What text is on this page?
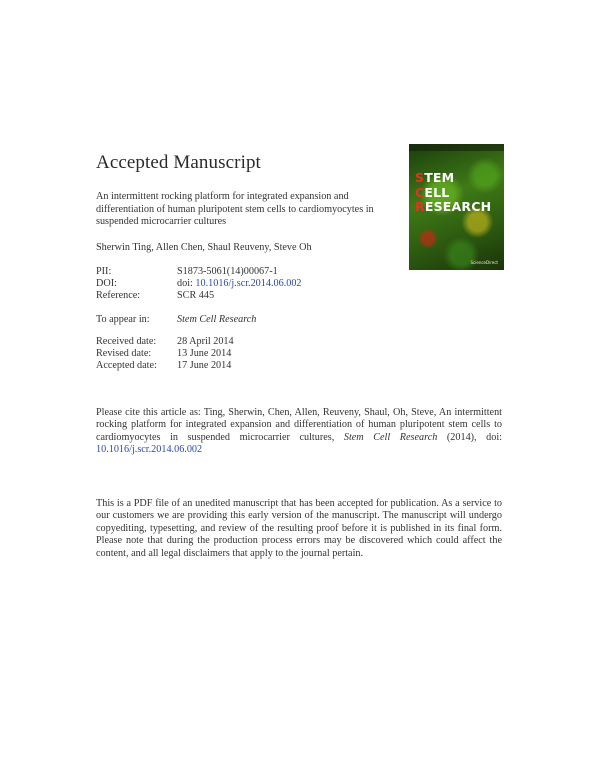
Accepted Manuscript
An intermittent rocking platform for integrated expansion and differentiation of human pluripotent stem cells to cardiomyocytes in suspended microcarrier cultures
Sherwin Ting, Allen Chen, Shaul Reuveny, Steve Oh
PII:	S1873-5061(14)00067-1
DOI:	doi: 10.1016/j.scr.2014.06.002
Reference:	SCR 445
To appear in:	Stem Cell Research
Received date:	28 April 2014
Revised date:	13 June 2014
Accepted date:	17 June 2014
STEM
CELL
RESEARCH
ScienceDirect
Please cite this article as: Ting, Sherwin, Chen, Allen, Reuveny, Shaul, Oh, Steve, An intermittent rocking platform for integrated expansion and differentiation of human pluripotent stem cells to cardiomyocytes in suspended microcarrier cultures, Stem Cell Research (2014), doi: 10.1016/j.scr.2014.06.002
This is a PDF file of an unedited manuscript that has been accepted for publication. As a service to our customers we are providing this early version of the manuscript. The manuscript will undergo copyediting, typesetting, and review of the resulting proof before it is published in its final form. Please note that during the production process errors may be discovered which could affect the content, and all legal disclaimers that apply to the journal pertain.
